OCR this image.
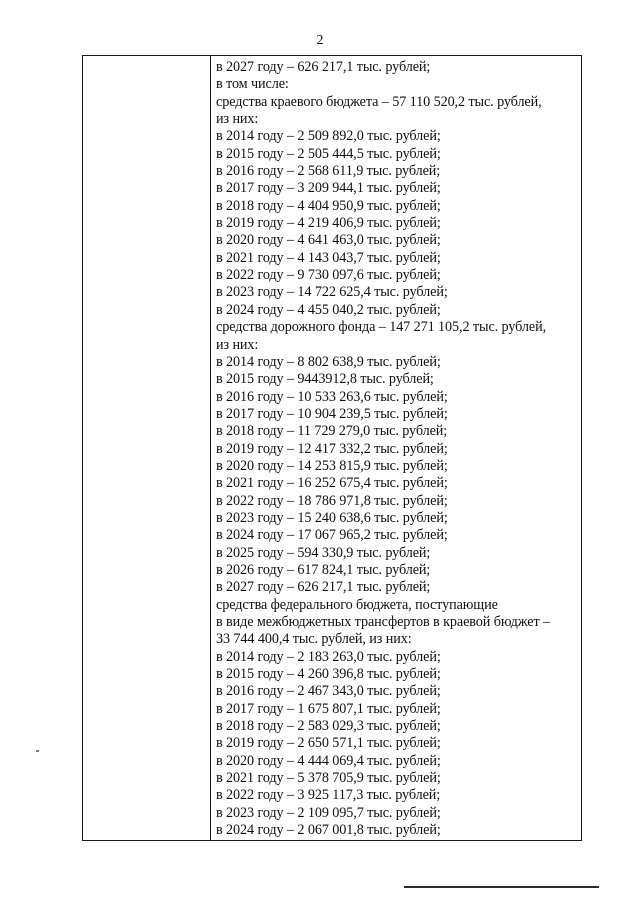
2
в 2027 году – 626 217,1 тыс. рублей;
в том числе:
средства краевого бюджета – 57 110 520,2 тыс. рублей,
из них:
в 2014 году – 2 509 892,0 тыс. рублей;
в 2015 году – 2 505 444,5 тыс. рублей;
в 2016 году – 2 568 611,9 тыс. рублей;
в 2017 году – 3 209 944,1 тыс. рублей;
в 2018 году – 4 404 950,9 тыс. рублей;
в 2019 году – 4 219 406,9 тыс. рублей;
в 2020 году – 4 641 463,0 тыс. рублей;
в 2021 году – 4 143 043,7 тыс. рублей;
в 2022 году – 9 730 097,6 тыс. рублей;
в 2023 году – 14 722 625,4 тыс. рублей;
в 2024 году – 4 455 040,2 тыс. рублей;
средства дорожного фонда – 147 271 105,2 тыс. рублей,
из них:
в 2014 году – 8 802 638,9 тыс. рублей;
в 2015 году – 9443912,8 тыс. рублей;
в 2016 году – 10 533 263,6 тыс. рублей;
в 2017 году – 10 904 239,5 тыс. рублей;
в 2018 году – 11 729 279,0 тыс. рублей;
в 2019 году – 12 417 332,2 тыс. рублей;
в 2020 году – 14 253 815,9 тыс. рублей;
в 2021 году – 16 252 675,4 тыс. рублей;
в 2022 году – 18 786 971,8 тыс. рублей;
в 2023 году – 15 240 638,6 тыс. рублей;
в 2024 году – 17 067 965,2 тыс. рублей;
в 2025 году – 594 330,9 тыс. рублей;
в 2026 году – 617 824,1 тыс. рублей;
в 2027 году – 626 217,1 тыс. рублей;
средства федерального бюджета, поступающие
в виде межбюджетных трансфертов в краевой бюджет –
33 744 400,4 тыс. рублей, из них:
в 2014 году – 2 183 263,0 тыс. рублей;
в 2015 году – 4 260 396,8 тыс. рублей;
в 2016 году – 2 467 343,0 тыс. рублей;
в 2017 году – 1 675 807,1 тыс. рублей;
в 2018 году – 2 583 029,3 тыс. рублей;
в 2019 году – 2 650 571,1 тыс. рублей;
в 2020 году – 4 444 069,4 тыс. рублей;
в 2021 году – 5 378 705,9 тыс. рублей;
в 2022 году – 3 925 117,3 тыс. рублей;
в 2023 году – 2 109 095,7 тыс. рублей;
в 2024 году – 2 067 001,8 тыс. рублей;
